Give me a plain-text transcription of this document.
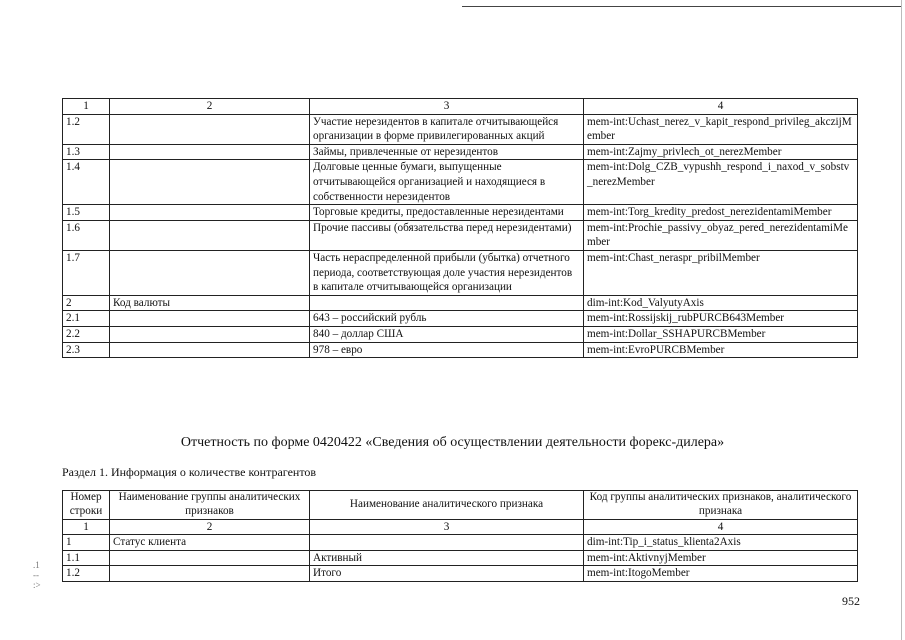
1	2	3	4
1.2		Участие нерезидентов в капитале отчитывающейся организации в форме привилегированных акций	mem-int:Uchast_nerez_v_kapit_respond_privileg_akczijMember
1.3		Займы, привлеченные от нерезидентов	mem-int:Zajmy_privlech_ot_nerezMember
1.4		Долговые ценные бумаги, выпущенные отчитывающейся организацией и находящиеся в собственности нерезидентов	mem-int:Dolg_CZB_vypushh_respond_i_naxod_v_sobstv_nerezMember
1.5		Торговые кредиты, предоставленные нерезидентами	mem-int:Torg_kredity_predost_nerezidentamiMember
1.6		Прочие пассивы (обязательства перед нерезидентами)	mem-int:Prochie_passivy_obyaz_pered_nerezidentamiMember
1.7		Часть нераспределенной прибыли (убытка) отчетного периода, соответствующая доле участия нерезидентов в капитале отчитывающейся организации	mem-int:Chast_neraspr_pribilMember
2	Код валюты		dim-int:Kod_ValyutyAxis
2.1		643 – российский рубль	mem-int:Rossijskij_rubPURCB643Member
2.2		840 – доллар США	mem-int:Dollar_SSHAPURCBMember
2.3		978 – евро	mem-int:EvroPURCBMember
Отчетность по форме 0420422 «Сведения об осуществлении деятельности форекс-дилера»
Раздел 1. Информация о количестве контрагентов
Номер строки	Наименование группы аналитических признаков	Наименование аналитического признака	Код группы аналитических признаков, аналитического признака
1	2	3	4
1	Статус клиента		dim-int:Tip_i_status_klienta2Axis
1.1		Активный	mem-int:AktivnyjMember
1.2		Итого	mem-int:ItogoMember
952
.1
--
:>
